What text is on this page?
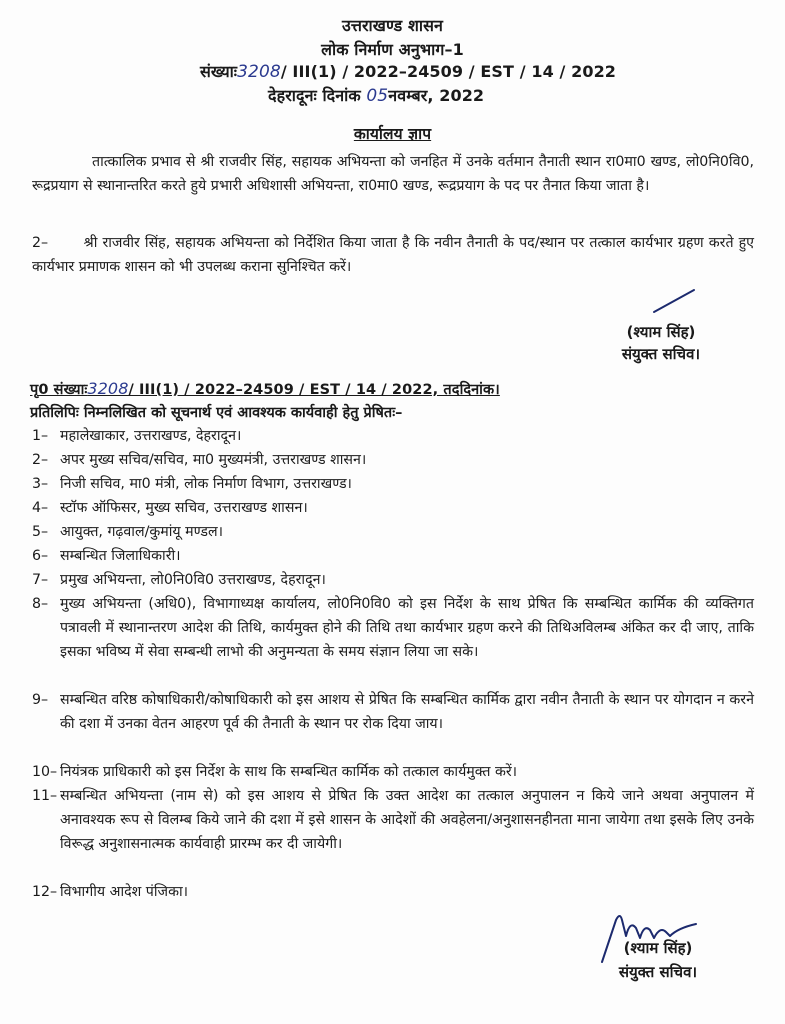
उत्तराखण्ड शासन
लोक निर्माण अनुभाग–1
संख्याः3208/ III(1) / 2022–24509 / EST / 14 / 2022
देहरादूनः दिनांक 05नवम्बर, 2022
कार्यालय ज्ञाप
तात्कालिक प्रभाव से श्री राजवीर सिंह, सहायक अभियन्ता को जनहित में उनके वर्तमान तैनाती स्थान रा0मा0 खण्ड, लो0नि0वि0, रूद्रप्रयाग से स्थानान्तरित करते हुये प्रभारी अधिशासी अभियन्ता, रा0मा0 खण्ड, रूद्रप्रयाग के पद पर तैनात किया जाता है।
2–       श्री राजवीर सिंह, सहायक अभियन्ता को निर्देशित किया जाता है कि नवीन तैनाती के पद/स्थान पर तत्काल कार्यभार ग्रहण करते हुए कार्यभार प्रमाणक शासन को भी उपलब्ध कराना सुनिश्चित करें।
(श्याम सिंह)
संयुक्त सचिव।
पृ0 संख्याः3208/ III(1) / 2022–24509 / EST / 14 / 2022, तददिनांक।
प्रतिलिपिः निम्नलिखित को सूचनार्थ एवं आवश्यक कार्यवाही हेतु प्रेषितः–
1– महालेखाकार, उत्तराखण्ड, देहरादून।
2– अपर मुख्य सचिव/सचिव, मा0 मुख्यमंत्री, उत्तराखण्ड शासन।
3– निजी सचिव, मा0 मंत्री, लोक निर्माण विभाग, उत्तराखण्ड।
4– स्टॉफ ऑफिसर, मुख्य सचिव, उत्तराखण्ड शासन।
5– आयुक्त, गढ़वाल/कुमांयू मण्डल।
6– सम्बन्धित जिलाधिकारी।
7– प्रमुख अभियन्ता, लो0नि0वि0 उत्तराखण्ड, देहरादून।
8– मुख्य अभियन्ता (अधि0), विभागाध्यक्ष कार्यालय, लो0नि0वि0 को इस निर्देश के साथ प्रेषित कि सम्बन्धित कार्मिक की व्यक्तिगत पत्रावली में स्थानान्तरण आदेश की तिथि, कार्यमुक्त होने की तिथि तथा कार्यभार ग्रहण करने की तिथिअविलम्ब अंकित कर दी जाए, ताकि इसका भविष्य में सेवा सम्बन्धी लाभो की अनुमन्यता के समय संज्ञान लिया जा सके।
9– सम्बन्धित वरिष्ठ कोषाधिकारी/कोषाधिकारी को इस आशय से प्रेषित कि सम्बन्धित कार्मिक द्वारा नवीन तैनाती के स्थान पर योगदान न करने की दशा में उनका वेतन आहरण पूर्व की तैनाती के स्थान पर रोक दिया जाय।
10– नियंत्रक प्राधिकारी को इस निर्देश के साथ कि सम्बन्धित कार्मिक को तत्काल कार्यमुक्त करें।
11– सम्बन्धित अभियन्ता (नाम से) को इस आशय से प्रेषित कि उक्त आदेश का तत्काल अनुपालन न किये जाने अथवा अनुपालन में अनावश्यक रूप से विलम्ब किये जाने की दशा में इसे शासन के आदेशों की अवहेलना/अनुशासनहीनता माना जायेगा तथा इसके लिए उनके विरूद्ध अनुशासनात्मक कार्यवाही प्रारम्भ कर दी जायेगी।
12– विभागीय आदेश पंजिका।
(श्याम सिंह)
संयुक्त सचिव।
